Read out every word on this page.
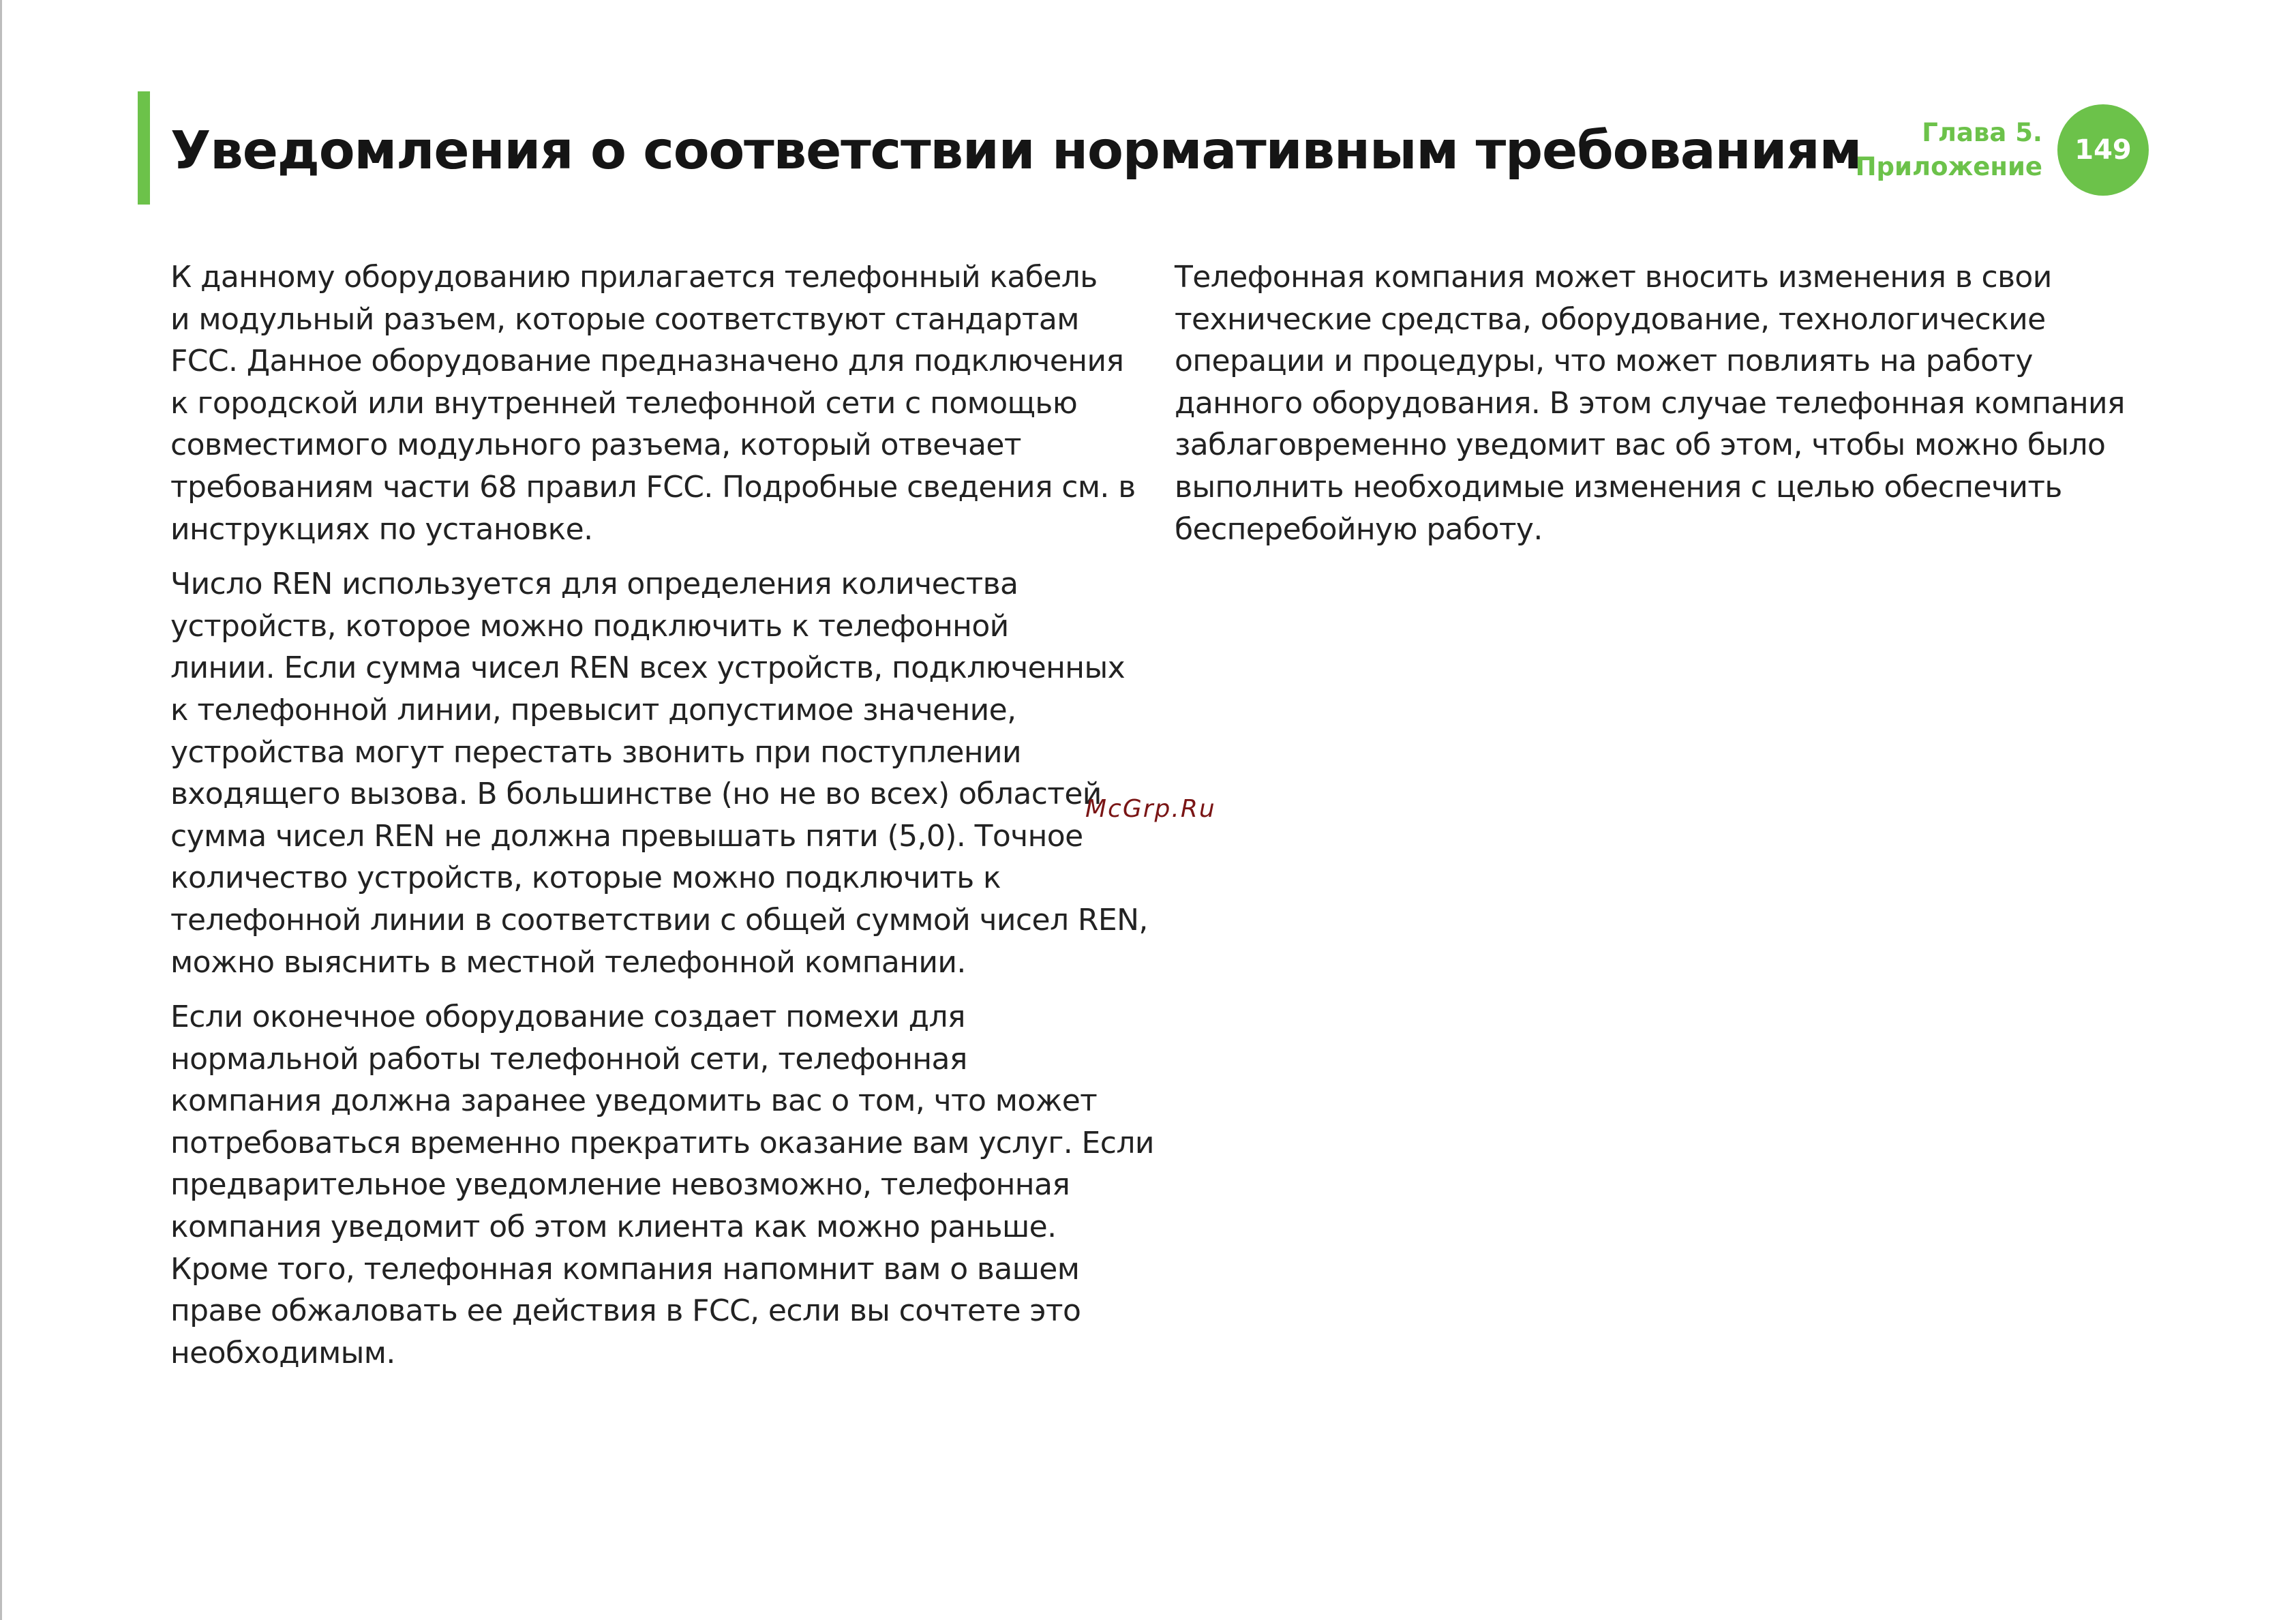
Уведомления о соответствии нормативным требованиям	Глава 5.
Приложение
149
К данному оборудованию прилагается телефонный кабель
и модульный разъем, которые соответствуют стандартам
FCC. Данное оборудование предназначено для подключения
к городской или внутренней телефонной сети с помощью
совместимого модульного разъема, который отвечает
требованиям части 68 правил FCC. Подробные сведения см. в
инструкциях по установке.
Число REN используется для определения количества
устройств, которое можно подключить к телефонной
линии. Если сумма чисел REN всех устройств, подключенных
к телефонной линии, превысит допустимое значение,
устройства могут перестать звонить при поступлении
входящего вызова. В большинстве (но не во всех) областей
сумма чисел REN не должна превышать пяти (5,0). Точное
количество устройств, которые можно подключить к
телефонной линии в соответствии с общей суммой чисел REN,
можно выяснить в местной телефонной компании.
Если оконечное оборудование создает помехи для
нормальной работы телефонной сети, телефонная
компания должна заранее уведомить вас о том, что может
потребоваться временно прекратить оказание вам услуг. Если
предварительное уведомление невозможно, телефонная
компания уведомит об этом клиента как можно раньше.
Кроме того, телефонная компания напомнит вам о вашем
праве обжаловать ее действия в FCC, если вы сочтете это
необходимым.
Телефонная компания может вносить изменения в свои
технические средства, оборудование, технологические
операции и процедуры, что может повлиять на работу
данного оборудования. В этом случае телефонная компания
заблаговременно уведомит вас об этом, чтобы можно было
выполнить необходимые изменения с целью обеспечить
бесперебойную работу.
McGrp.Ru
